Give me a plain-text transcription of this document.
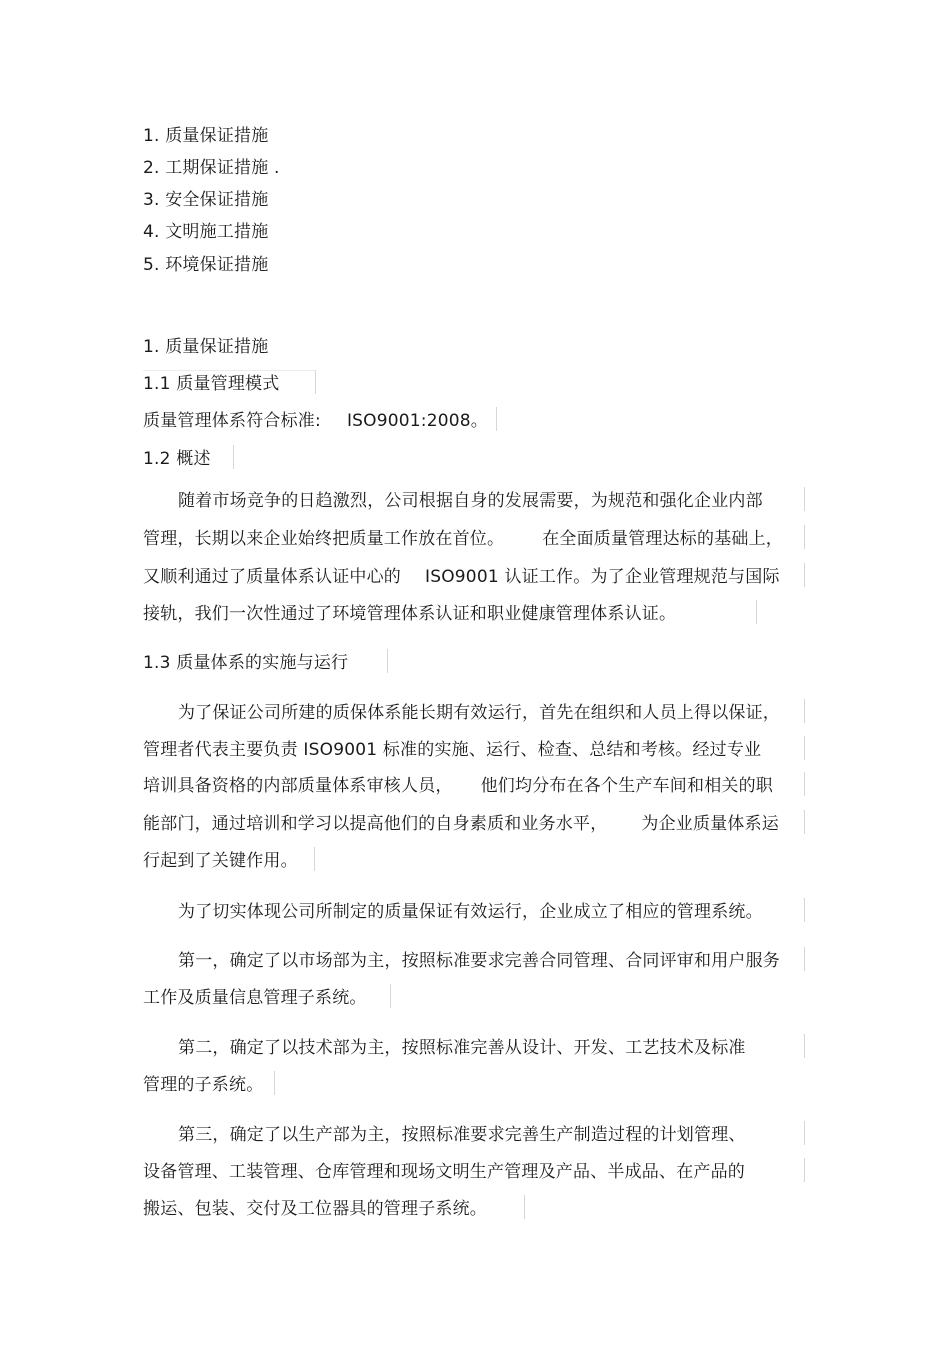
1. 质量保证措施
2. 工期保证措施 .
3. 安全保证措施
4. 文明施工措施
5. 环境保证措施
1. 质量保证措施
1.1 质量管理模式
质量管理体系符合标准: ISO9001:2008。
1.2 概述
随着市场竞争的日趋激烈，公司根据自身的发展需要，为规范和强化企业内部
管理，长期以来企业始终把质量工作放在首位。 在全面质量管理达标的基础上，
又顺利通过了质量体系认证中心的 ISO9001 认证工作。为了企业管理规范与国际
接轨，我们一次性通过了环境管理体系认证和职业健康管理体系认证。
1.3 质量体系的实施与运行
为了保证公司所建的质保体系能长期有效运行，首先在组织和人员上得以保证，
管理者代表主要负责 ISO9001 标准的实施、运行、检查、总结和考核。经过专业
培训具备资格的内部质量体系审核人员， 他们均分布在各个生产车间和相关的职
能部门，通过培训和学习以提高他们的自身素质和业务水平， 为企业质量体系运
行起到了关键作用。
为了切实体现公司所制定的质量保证有效运行，企业成立了相应的管理系统。
第一，确定了以市场部为主，按照标准要求完善合同管理、合同评审和用户服务
工作及质量信息管理子系统。
第二，确定了以技术部为主，按照标准完善从设计、开发、工艺技术及标准
管理的子系统。
第三，确定了以生产部为主，按照标准要求完善生产制造过程的计划管理、
设备管理、工装管理、仓库管理和现场文明生产管理及产品、半成品、在产品的
搬运、包装、交付及工位器具的管理子系统。
